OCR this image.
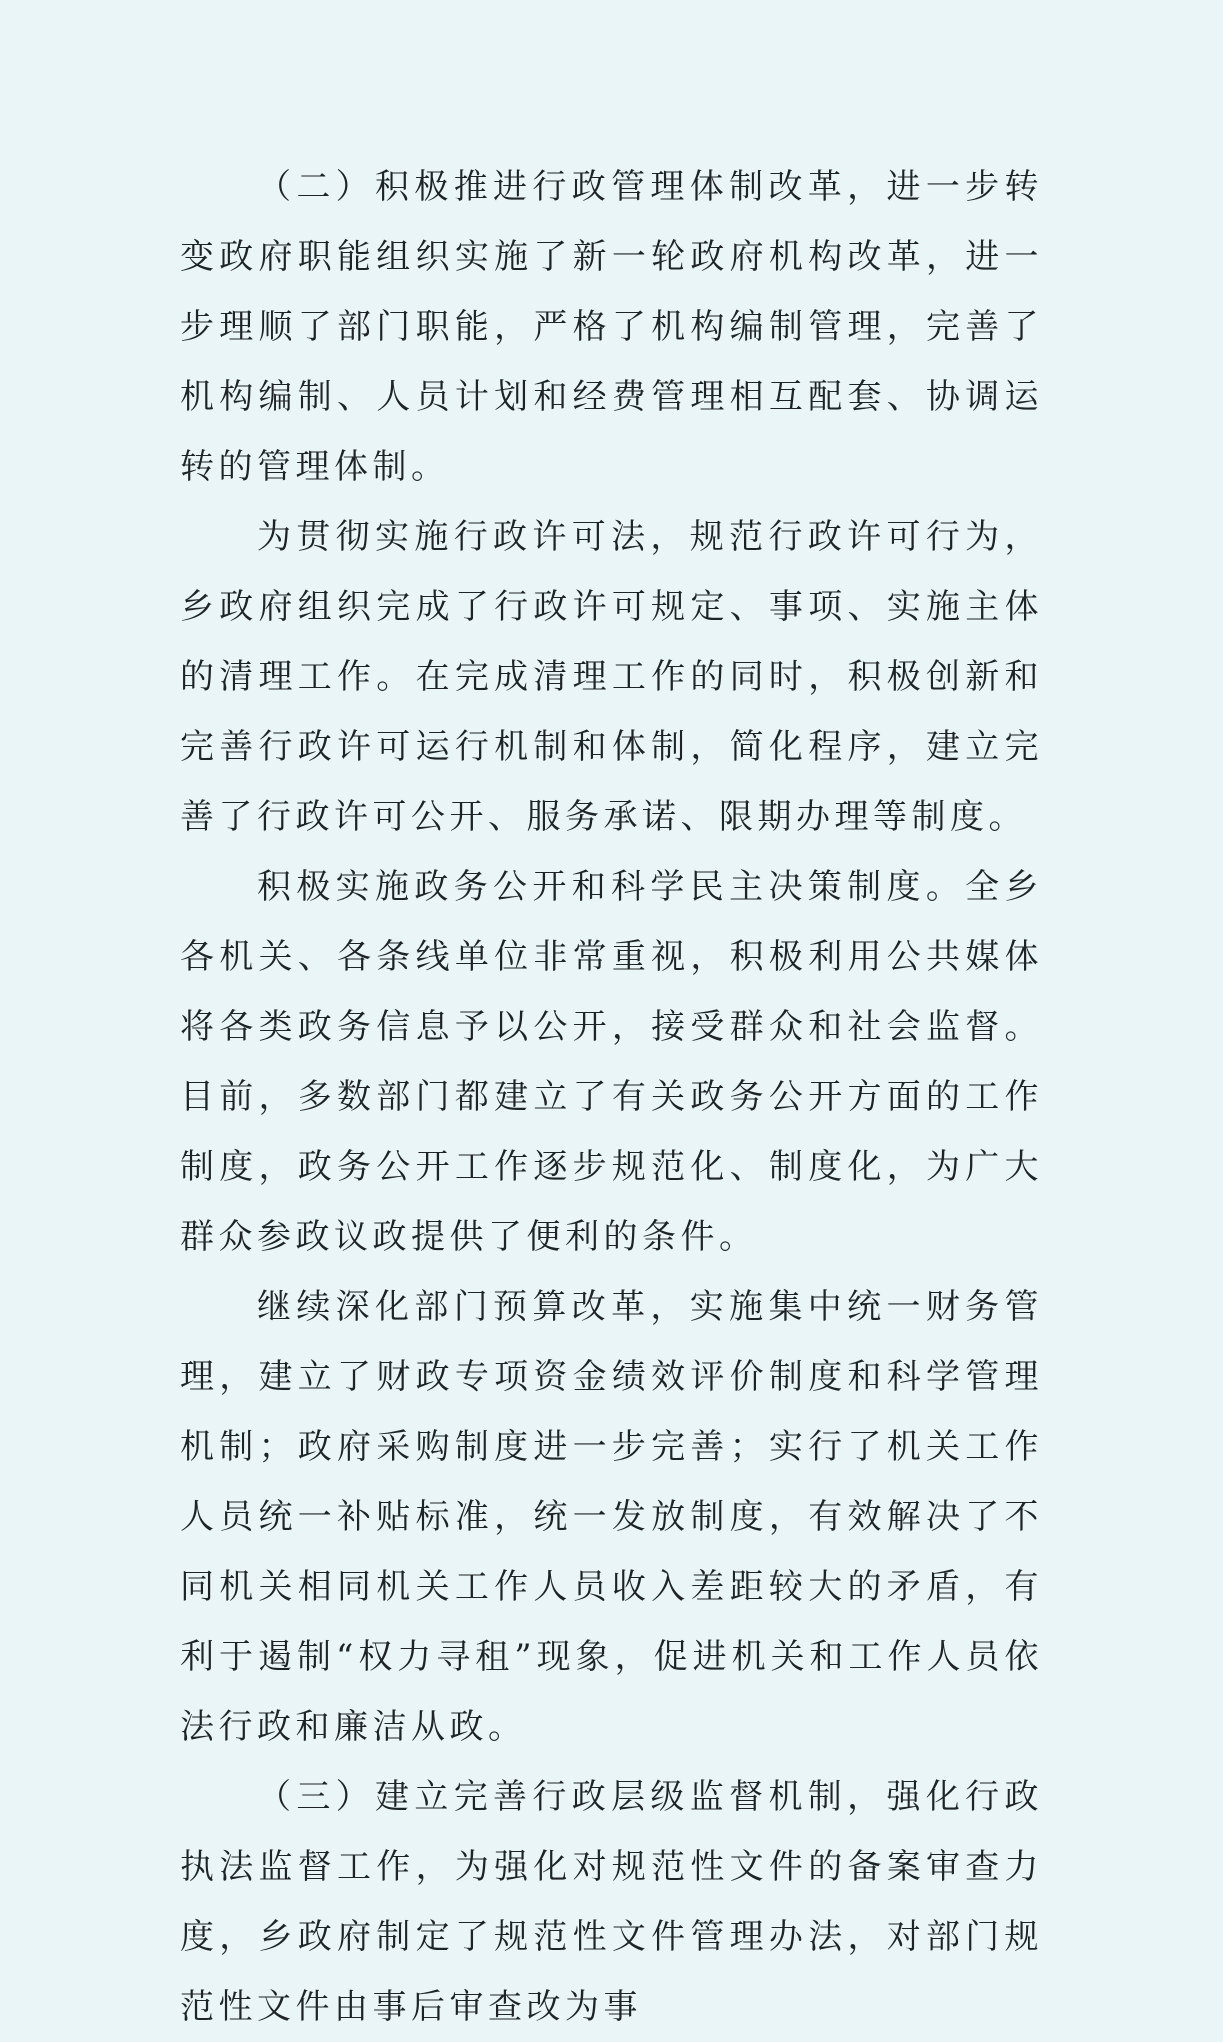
（二）积极推进行政管理体制改革，进一步转变政府职能组织实施了新一轮政府机构改革，进一步理顺了部门职能，严格了机构编制管理，完善了机构编制、人员计划和经费管理相互配套、协调运转的管理体制。

为贯彻实施行政许可法，规范行政许可行为，乡政府组织完成了行政许可规定、事项、实施主体的清理工作。在完成清理工作的同时，积极创新和完善行政许可运行机制和体制，简化程序，建立完善了行政许可公开、服务承诺、限期办理等制度。

积极实施政务公开和科学民主决策制度。全乡各机关、各条线单位非常重视，积极利用公共媒体将各类政务信息予以公开，接受群众和社会监督。目前，多数部门都建立了有关政务公开方面的工作制度，政务公开工作逐步规范化、制度化，为广大群众参政议政提供了便利的条件。

继续深化部门预算改革，实施集中统一财务管理，建立了财政专项资金绩效评价制度和科学管理机制；政府采购制度进一步完善；实行了机关工作人员统一补贴标准，统一发放制度，有效解决了不同机关相同机关工作人员收入差距较大的矛盾，有利于遏制“权力寻租”现象，促进机关和工作人员依法行政和廉洁从政。

（三）建立完善行政层级监督机制，强化行政执法监督工作，为强化对规范性文件的备案审查力度，乡政府制定了规范性文件管理办法，对部门规范性文件由事后审查改为事
